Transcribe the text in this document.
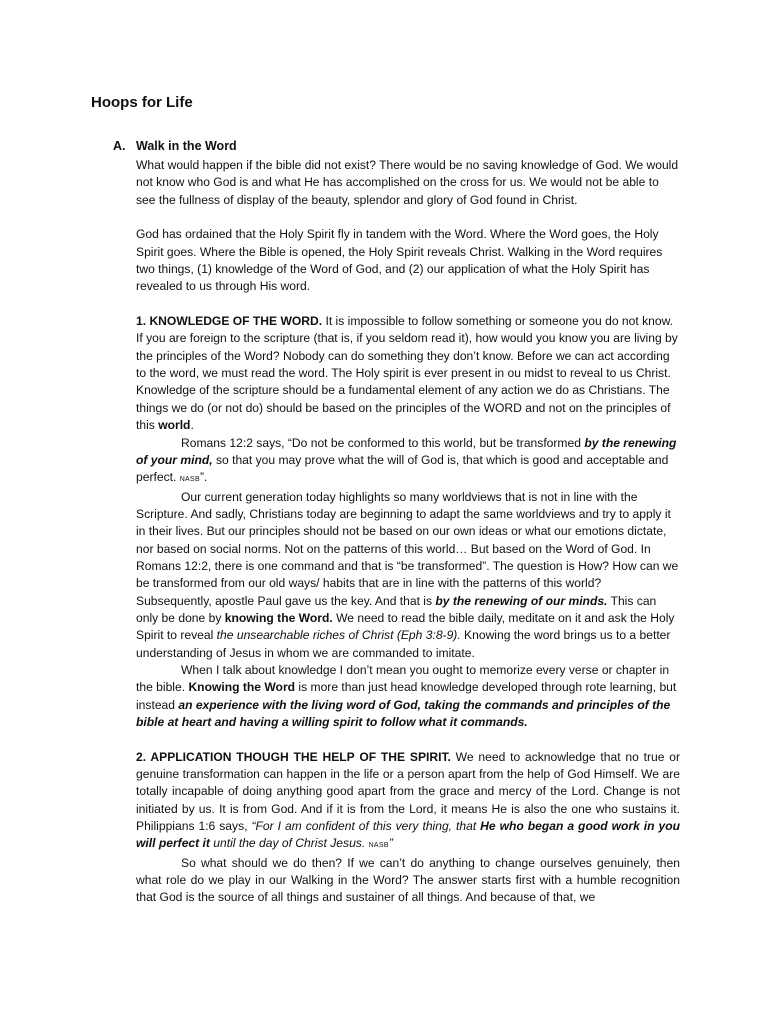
Hoops for Life
A. Walk in the Word

What would happen if the bible did not exist? There would be no saving knowledge of God. We would not know who God is and what He has accomplished on the cross for us. We would not be able to see the fullness of display of the beauty, splendor and glory of God found in Christ.

God has ordained that the Holy Spirit fly in tandem with the Word. Where the Word goes, the Holy Spirit goes. Where the Bible is opened, the Holy Spirit reveals Christ. Walking in the Word requires two things, (1) knowledge of the Word of God, and (2) our application of what the Holy Spirit has revealed to us through His word.

1. KNOWLEDGE OF THE WORD. It is impossible to follow something or someone you do not know. If you are foreign to the scripture (that is, if you seldom read it), how would you know you are living by the principles of the Word? Nobody can do something they don’t know. Before we can act according to the word, we must read the word. The Holy spirit is ever present in ou midst to reveal to us Christ. Knowledge of the scripture should be a fundamental element of any action we do as Christians. The things we do (or not do) should be based on the principles of the WORD and not on the principles of this world.

Romans 12:2 says, “Do not be conformed to this world, but be transformed by the renewing of your mind, so that you may prove what the will of God is, that which is good and acceptable and perfect. NASB”.

Our current generation today highlights so many worldviews that is not in line with the Scripture. And sadly, Christians today are beginning to adapt the same worldviews and try to apply it in their lives. But our principles should not be based on our own ideas or what our emotions dictate, nor based on social norms. Not on the patterns of this world… But based on the Word of God. In Romans 12:2, there is one command and that is “be transformed”. The question is How? How can we be transformed from our old ways/ habits that are in line with the patterns of this world? Subsequently, apostle Paul gave us the key. And that is by the renewing of our minds. This can only be done by knowing the Word. We need to read the bible daily, meditate on it and ask the Holy Spirit to reveal the unsearchable riches of Christ (Eph 3:8-9). Knowing the word brings us to a better understanding of Jesus in whom we are commanded to imitate.

When I talk about knowledge I don’t mean you ought to memorize every verse or chapter in the bible. Knowing the Word is more than just head knowledge developed through rote learning, but instead an experience with the living word of God, taking the commands and principles of the bible at heart and having a willing spirit to follow what it commands.

2. APPLICATION THOUGH THE HELP OF THE SPIRIT. We need to acknowledge that no true or genuine transformation can happen in the life or a person apart from the help of God Himself. We are totally incapable of doing anything good apart from the grace and mercy of the Lord. Change is not initiated by us. It is from God. And if it is from the Lord, it means He is also the one who sustains it. Philippians 1:6 says, “For I am confident of this very thing, that He who began a good work in you will perfect it until the day of Christ Jesus. NASB”

So what should we do then? If we can’t do anything to change ourselves genuinely, then what role do we play in our Walking in the Word? The answer starts first with a humble recognition that God is the source of all things and sustainer of all things. And because of that, we
